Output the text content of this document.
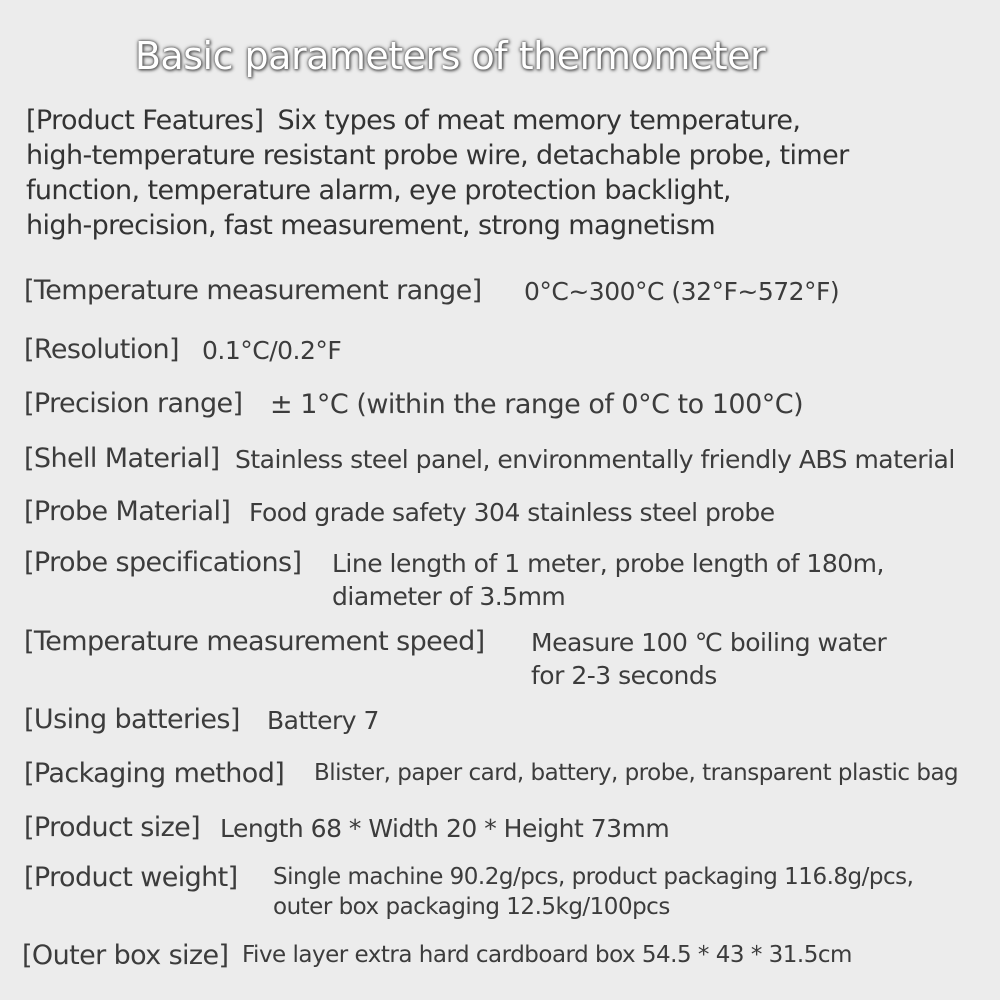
Basic parameters of thermometer
[Product Features] Six types of meat memory temperature,
high-temperature resistant probe wire, detachable probe, timer
function, temperature alarm, eye protection backlight,
high-precision, fast measurement, strong magnetism
[Temperature measurement range] 0°C~300°C (32°F~572°F)
[Resolution] 0.1°C/0.2°F
[Precision range] ± 1°C (within the range of 0°C to 100°C)
[Shell Material] Stainless steel panel, environmentally friendly ABS material
[Probe Material] Food grade safety 304 stainless steel probe
[Probe specifications] Line length of 1 meter, probe length of 180m,
diameter of 3.5mm
[Temperature measurement speed] Measure 100 ℃ boiling water
for 2-3 seconds
[Using batteries] Battery 7
[Packaging method] Blister, paper card, battery, probe, transparent plastic bag
[Product size] Length 68 * Width 20 * Height 73mm
[Product weight] Single machine 90.2g/pcs, product packaging 116.8g/pcs,
outer box packaging 12.5kg/100pcs
[Outer box size] Five layer extra hard cardboard box 54.5 * 43 * 31.5cm
